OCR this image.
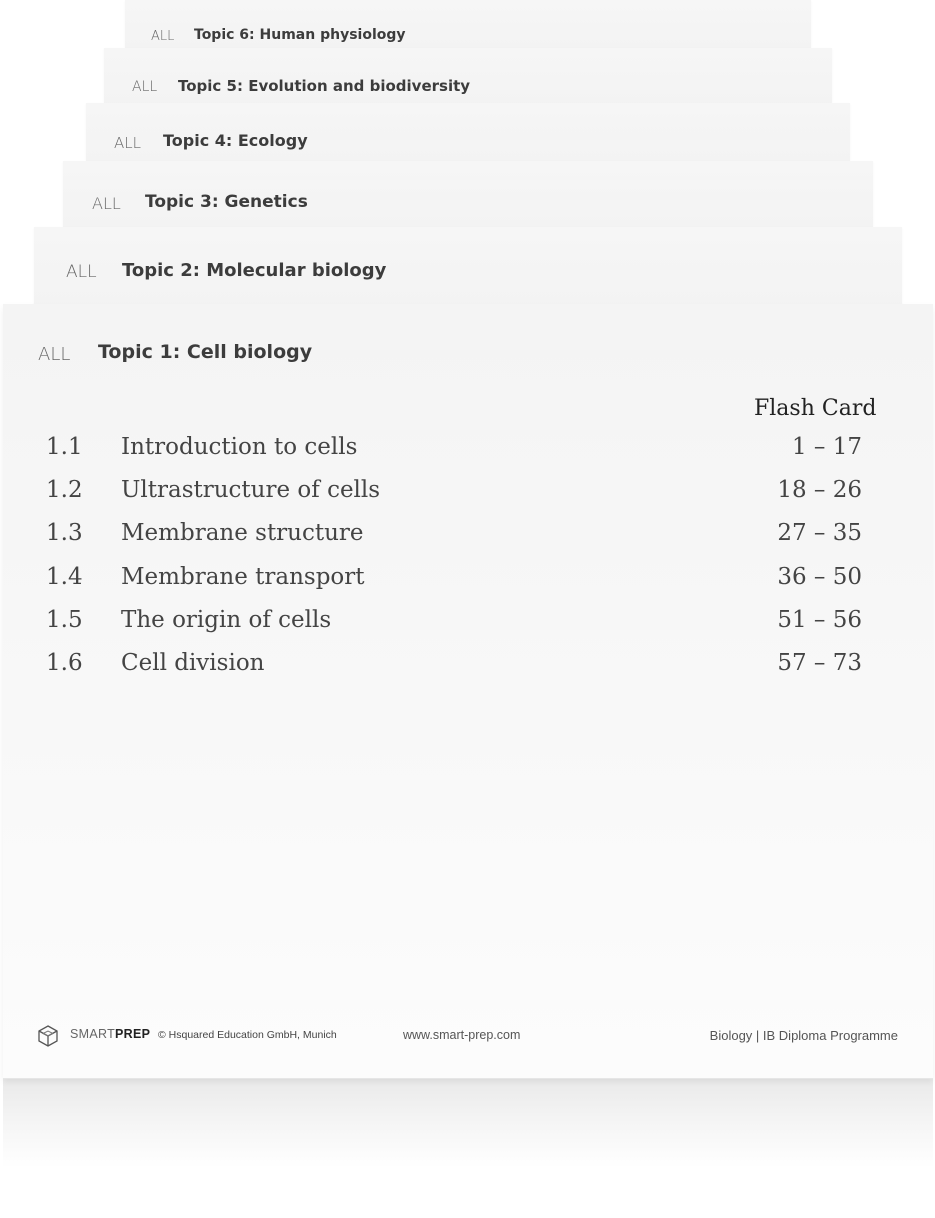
ALL Topic 6: Human physiology
ALL Topic 5: Evolution and biodiversity
ALL Topic 4: Ecology
ALL Topic 3: Genetics
ALL Topic 2: Molecular biology
ALL Topic 1: Cell biology
Flash Card
1.1 Introduction to cells	1 – 17
1.2 Ultrastructure of cells	18 – 26
1.3 Membrane structure	27 – 35
1.4 Membrane transport	36 – 50
1.5 The origin of cells	51 – 56
1.6 Cell division	57 – 73
SMARTPREP © Hsquared Education GmbH, Munich	www.smart-prep.com	Biology | IB Diploma Programme
